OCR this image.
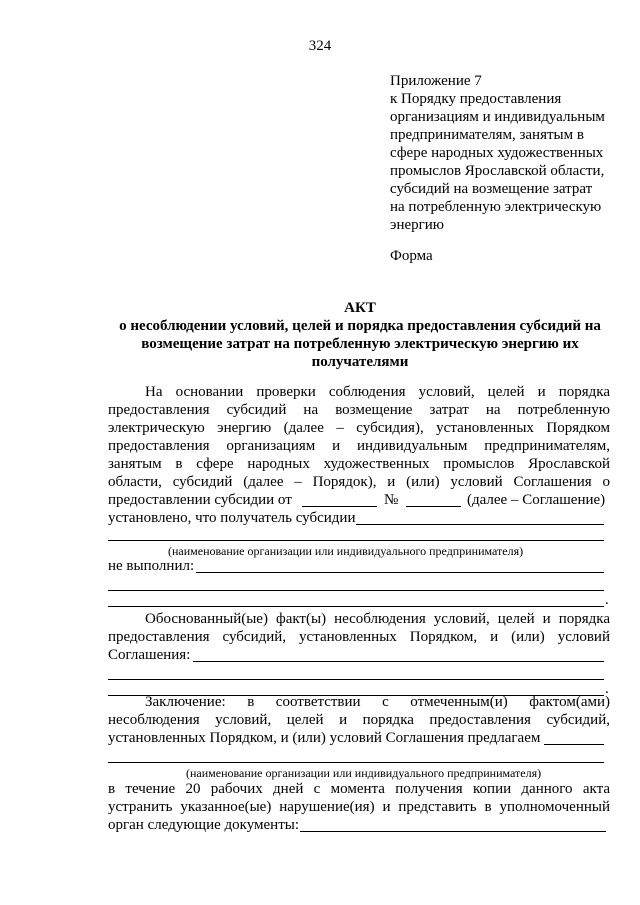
324
Приложение 7
к Порядку предоставления
организациям и индивидуальным
предпринимателям, занятым в
сфере народных художественных
промыслов Ярославской области,
субсидий на возмещение затрат
на потребленную электрическую
энергию
Форма
АКТ
о несоблюдении условий, целей и порядка предоставления субсидий на
возмещение затрат на потребленную электрическую энергию их
получателями
На основании проверки соблюдения условий, целей и порядка
предоставления субсидий на возмещение затрат на потребленную
электрическую энергию (далее – субсидия), установленных Порядком
предоставления организациям и индивидуальным предпринимателям,
занятым в сфере народных художественных промыслов Ярославской
области, субсидий (далее – Порядок), и (или) условий Соглашения о
предоставлении субсидии от	№	(далее – Соглашение)
установлено, что получатель субсидии
(наименование организации или индивидуального предпринимателя)
не выполнил:
.
Обоснованный(ые) факт(ы) несоблюдения условий, целей и порядка
предоставления субсидий, установленных Порядком, и (или) условий
Соглашения:
.
Заключение: в соответствии с отмеченным(и) фактом(ами)
несоблюдения условий, целей и порядка предоставления субсидий,
установленных Порядком, и (или) условий Соглашения предлагаем
(наименование организации или индивидуального предпринимателя)
в течение 20 рабочих дней с момента получения копии данного акта
устранить указанное(ые) нарушение(ия) и представить в уполномоченный
орган следующие документы:
